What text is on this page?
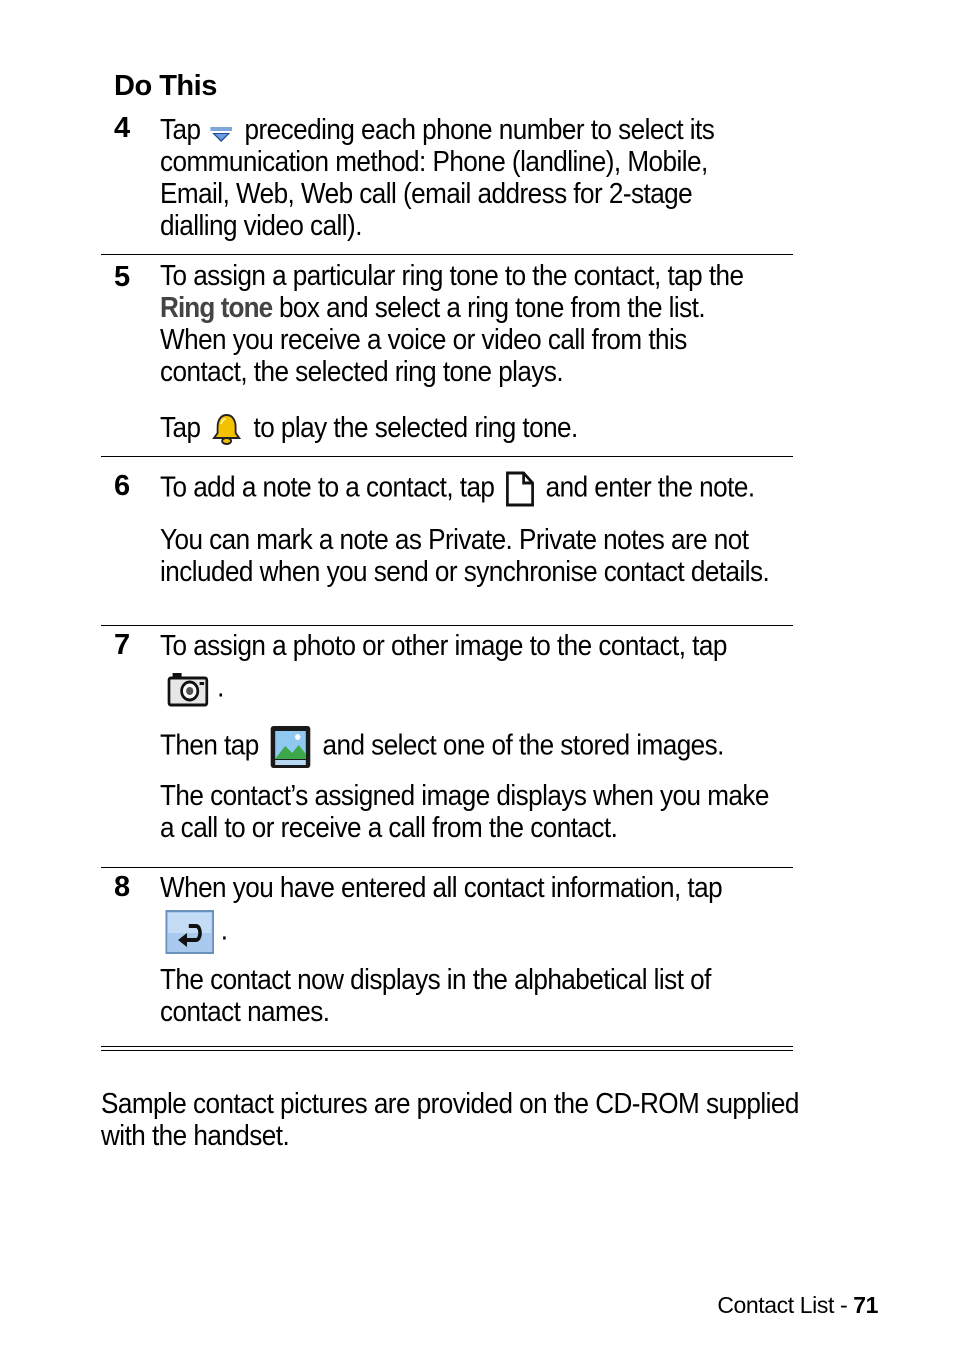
Do This
4 Tap preceding each phone number to select its communication method: Phone (landline), Mobile, Email, Web, Web call (email address for 2-stage dialling video call).

5 To assign a particular ring tone to the contact, tap the Ring tone box and select a ring tone from the list. When you receive a voice or video call from this contact, the selected ring tone plays.

Tap to play the selected ring tone.

6 To add a note to a contact, tap and enter the note.

You can mark a note as Private. Private notes are not included when you send or synchronise contact details.

7 To assign a photo or other image to the contact, tap

.

Then tap and select one of the stored images.

The contact’s assigned image displays when you make a call to or receive a call from the contact.

8 When you have entered all contact information, tap

.

The contact now displays in the alphabetical list of contact names.

Sample contact pictures are provided on the CD-ROM supplied with the handset.
Contact List - 71
